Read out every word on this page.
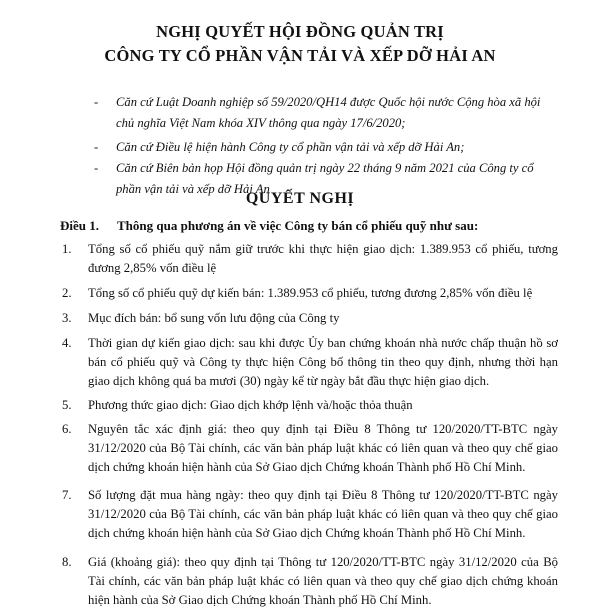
NGHỊ QUYẾT HỘI ĐỒNG QUẢN TRỊ
CÔNG TY CỔ PHẦN VẬN TẢI VÀ XẾP DỠ HẢI AN
- Căn cứ Luật Doanh nghiệp số 59/2020/QH14 được Quốc hội nước Cộng hòa xã hội chủ nghĩa Việt Nam khóa XIV thông qua ngày 17/6/2020;
- Căn cứ Điều lệ hiện hành Công ty cổ phần vận tải và xếp dỡ Hải An;
- Căn cứ Biên bản họp Hội đồng quản trị ngày 22 tháng 9 năm 2021 của Công ty cổ phần vận tải và xếp dỡ Hải An
QUYẾT NGHỊ
Điều 1. Thông qua phương án về việc Công ty bán cổ phiếu quỹ như sau:
1. Tổng số cổ phiếu quỹ nắm giữ trước khi thực hiện giao dịch: 1.389.953 cổ phiếu, tương đương 2,85% vốn điều lệ
2. Tổng số cổ phiếu quỹ dự kiến bán: 1.389.953 cổ phiếu, tương đương 2,85% vốn điều lệ
3. Mục đích bán: bổ sung vốn lưu động của Công ty
4. Thời gian dự kiến giao dịch: sau khi được Ủy ban chứng khoán nhà nước chấp thuận hồ sơ bán cổ phiếu quỹ và Công ty thực hiện Công bố thông tin theo quy định, nhưng thời hạn giao dịch không quá ba mươi (30) ngày kể từ ngày bắt đầu thực hiện giao dịch.
5. Phương thức giao dịch: Giao dịch khớp lệnh và/hoặc thỏa thuận
6. Nguyên tắc xác định giá: theo quy định tại Điều 8 Thông tư 120/2020/TT-BTC ngày 31/12/2020 của Bộ Tài chính, các văn bản pháp luật khác có liên quan và theo quy chế giao dịch chứng khoán hiện hành của Sở Giao dịch Chứng khoán Thành phố Hồ Chí Minh.
7. Số lượng đặt mua hàng ngày: theo quy định tại Điều 8 Thông tư 120/2020/TT-BTC ngày 31/12/2020 của Bộ Tài chính, các văn bản pháp luật khác có liên quan và theo quy chế giao dịch chứng khoán hiện hành của Sở Giao dịch Chứng khoán Thành phố Hồ Chí Minh.
8. Giá (khoảng giá): theo quy định tại Thông tư 120/2020/TT-BTC ngày 31/12/2020 của Bộ Tài chính, các văn bản pháp luật khác có liên quan và theo quy chế giao dịch chứng khoán hiện hành của Sở Giao dịch Chứng khoán Thành phố Hồ Chí Minh.
